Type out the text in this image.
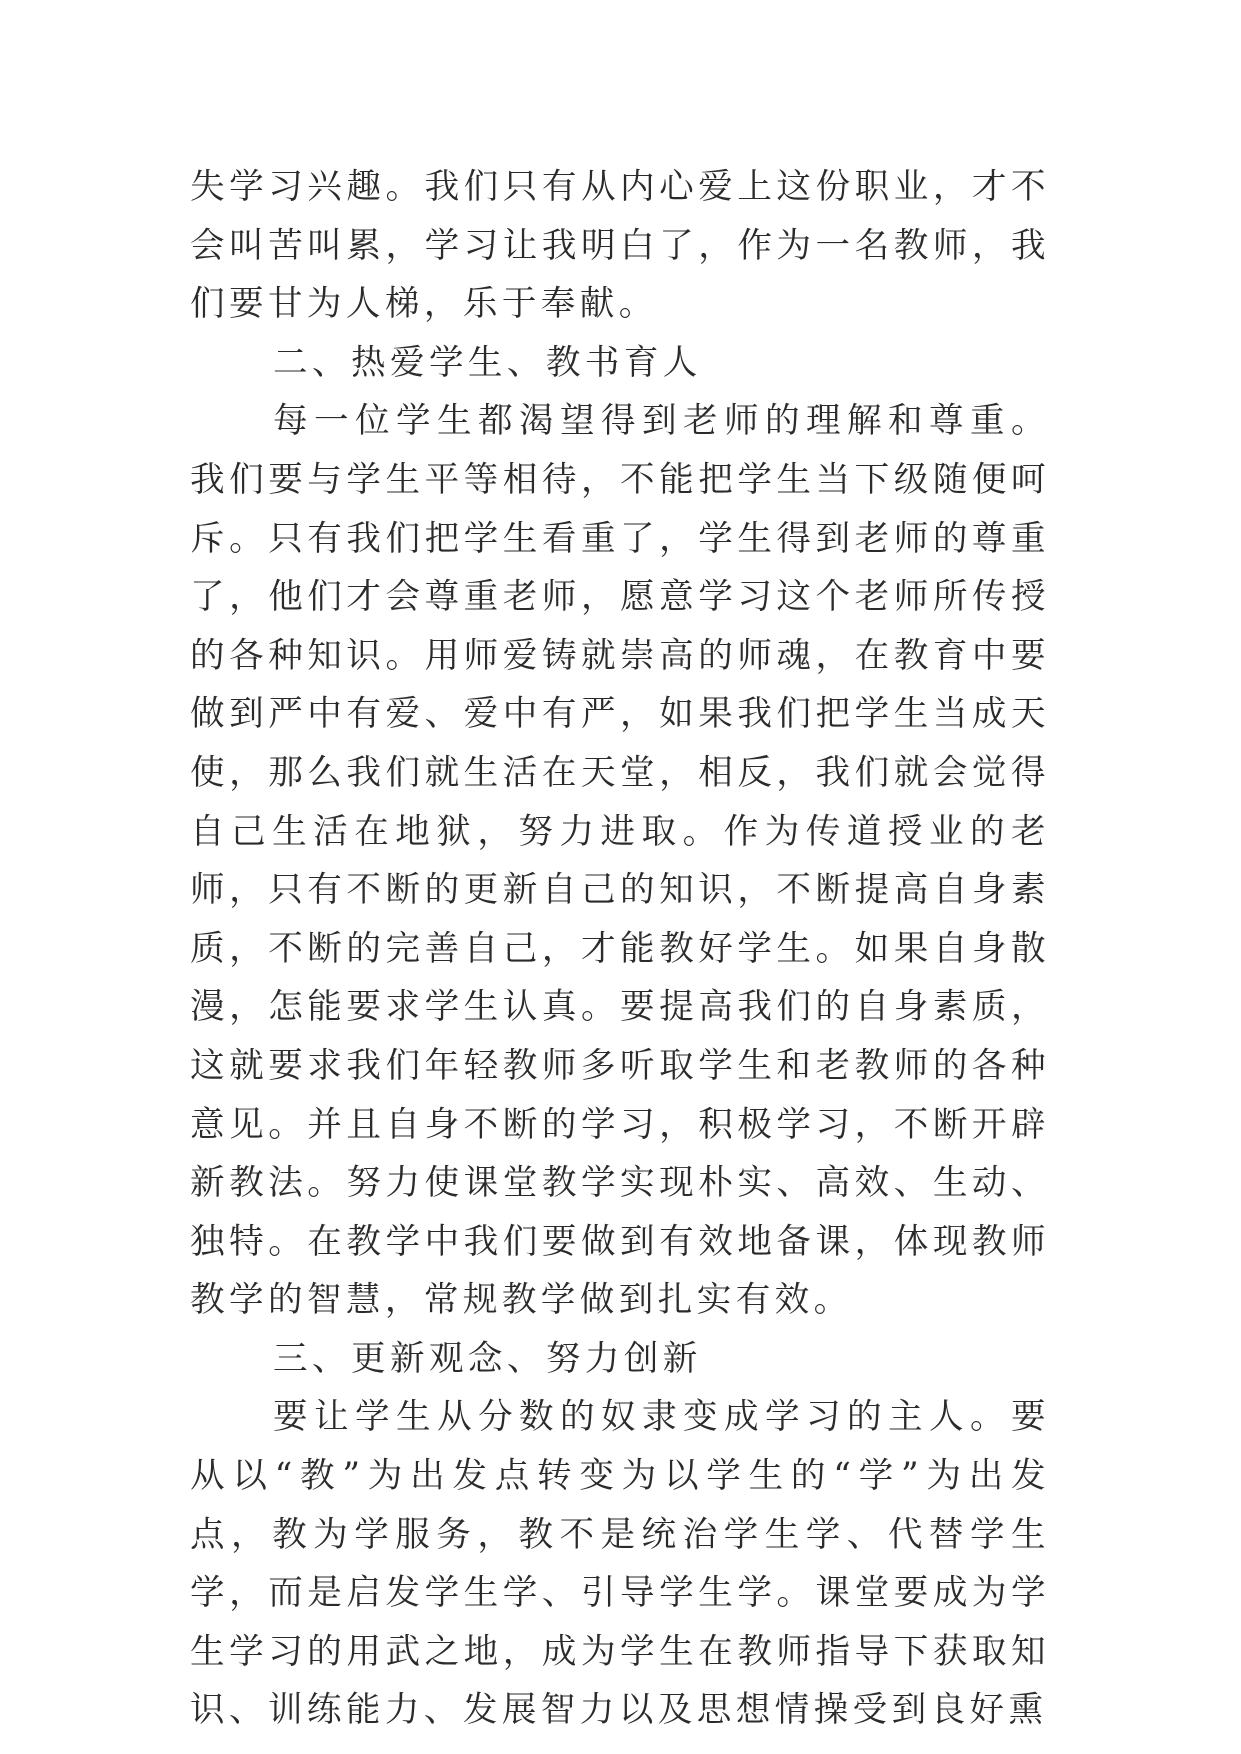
失学习兴趣。我们只有从内心爱上这份职业，才不会叫苦叫累，学习让我明白了，作为一名教师，我们要甘为人梯，乐于奉献。

二、热爱学生、教书育人

每一位学生都渴望得到老师的理解和尊重。我们要与学生平等相待，不能把学生当下级随便呵斥。只有我们把学生看重了，学生得到老师的尊重了，他们才会尊重老师，愿意学习这个老师所传授的各种知识。用师爱铸就崇高的师魂，在教育中要做到严中有爱、爱中有严，如果我们把学生当成天使，那么我们就生活在天堂，相反，我们就会觉得自己生活在地狱，努力进取。作为传道授业的老师，只有不断的更新自己的知识，不断提高自身素质，不断的完善自己，才能教好学生。如果自身散漫，怎能要求学生认真。要提高我们的自身素质，这就要求我们年轻教师多听取学生和老教师的各种意见。并且自身不断的学习，积极学习，不断开辟新教法。努力使课堂教学实现朴实、高效、生动、独特。在教学中我们要做到有效地备课，体现教师教学的智慧，常规教学做到扎实有效。

三、更新观念、努力创新

要让学生从分数的奴隶变成学习的主人。要从以“教”为出发点转变为以学生的“学”为出发点，教为学服务，教不是统治学生学、代替学生学，而是启发学生学、引导学生学。课堂要成为学生学习的用武之地，成为学生在教师指导下获取知识、训练能力、发展智力以及思想情操受到良好熏
